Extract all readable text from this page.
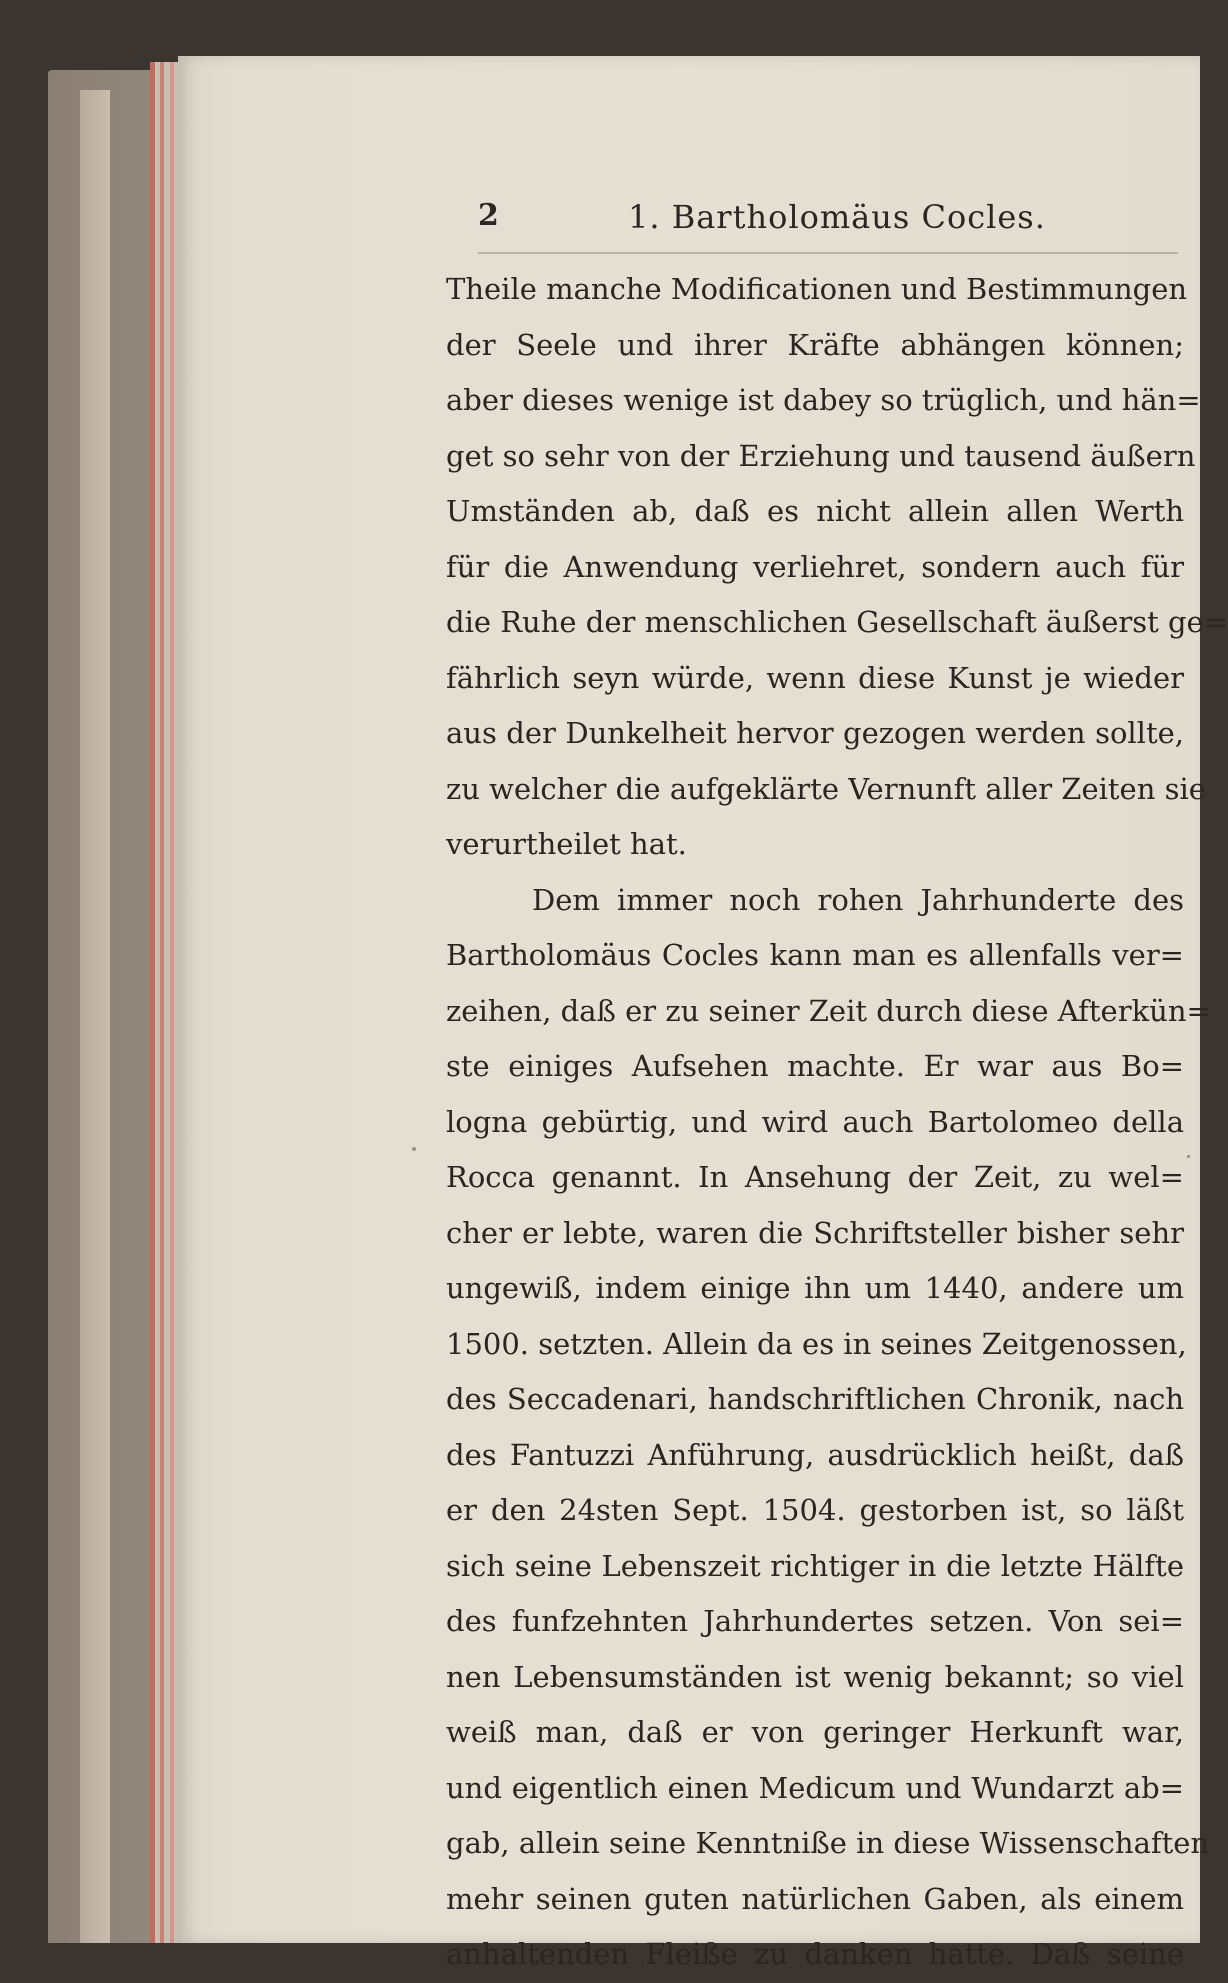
2	1. Bartholomäus Cocles.
Theile manche Modificationen und Bestimmungen
der Seele und ihrer Kräfte abhängen können;
aber dieses wenige ist dabey so trüglich, und hän=
get so sehr von der Erziehung und tausend äußern
Umständen ab, daß es nicht allein allen Werth
für die Anwendung verliehret, sondern auch für
die Ruhe der menschlichen Gesellschaft äußerst ge=
fährlich seyn würde, wenn diese Kunst je wieder
aus der Dunkelheit hervor gezogen werden sollte,
zu welcher die aufgeklärte Vernunft aller Zeiten sie
verurtheilet hat.
Dem immer noch rohen Jahrhunderte des
Bartholomäus Cocles kann man es allenfalls ver=
zeihen, daß er zu seiner Zeit durch diese Afterkün=
ste einiges Aufsehen machte. Er war aus Bo=
logna gebürtig, und wird auch Bartolomeo della
Rocca genannt. In Ansehung der Zeit, zu wel=
cher er lebte, waren die Schriftsteller bisher sehr
ungewiß, indem einige ihn um 1440, andere um
1500. setzten. Allein da es in seines Zeitgenossen,
des Seccadenari, handschriftlichen Chronik, nach
des Fantuzzi Anführung, ausdrücklich heißt, daß
er den 24sten Sept. 1504. gestorben ist, so läßt
sich seine Lebenszeit richtiger in die letzte Hälfte
des funfzehnten Jahrhundertes setzen. Von sei=
nen Lebensumständen ist wenig bekannt; so viel
weiß man, daß er von geringer Herkunft war,
und eigentlich einen Medicum und Wundarzt ab=
gab, allein seine Kenntniße in diese Wissenschaften
mehr seinen guten natürlichen Gaben, als einem
anhaltenden Fleiße zu danken hatte. Daß seine
